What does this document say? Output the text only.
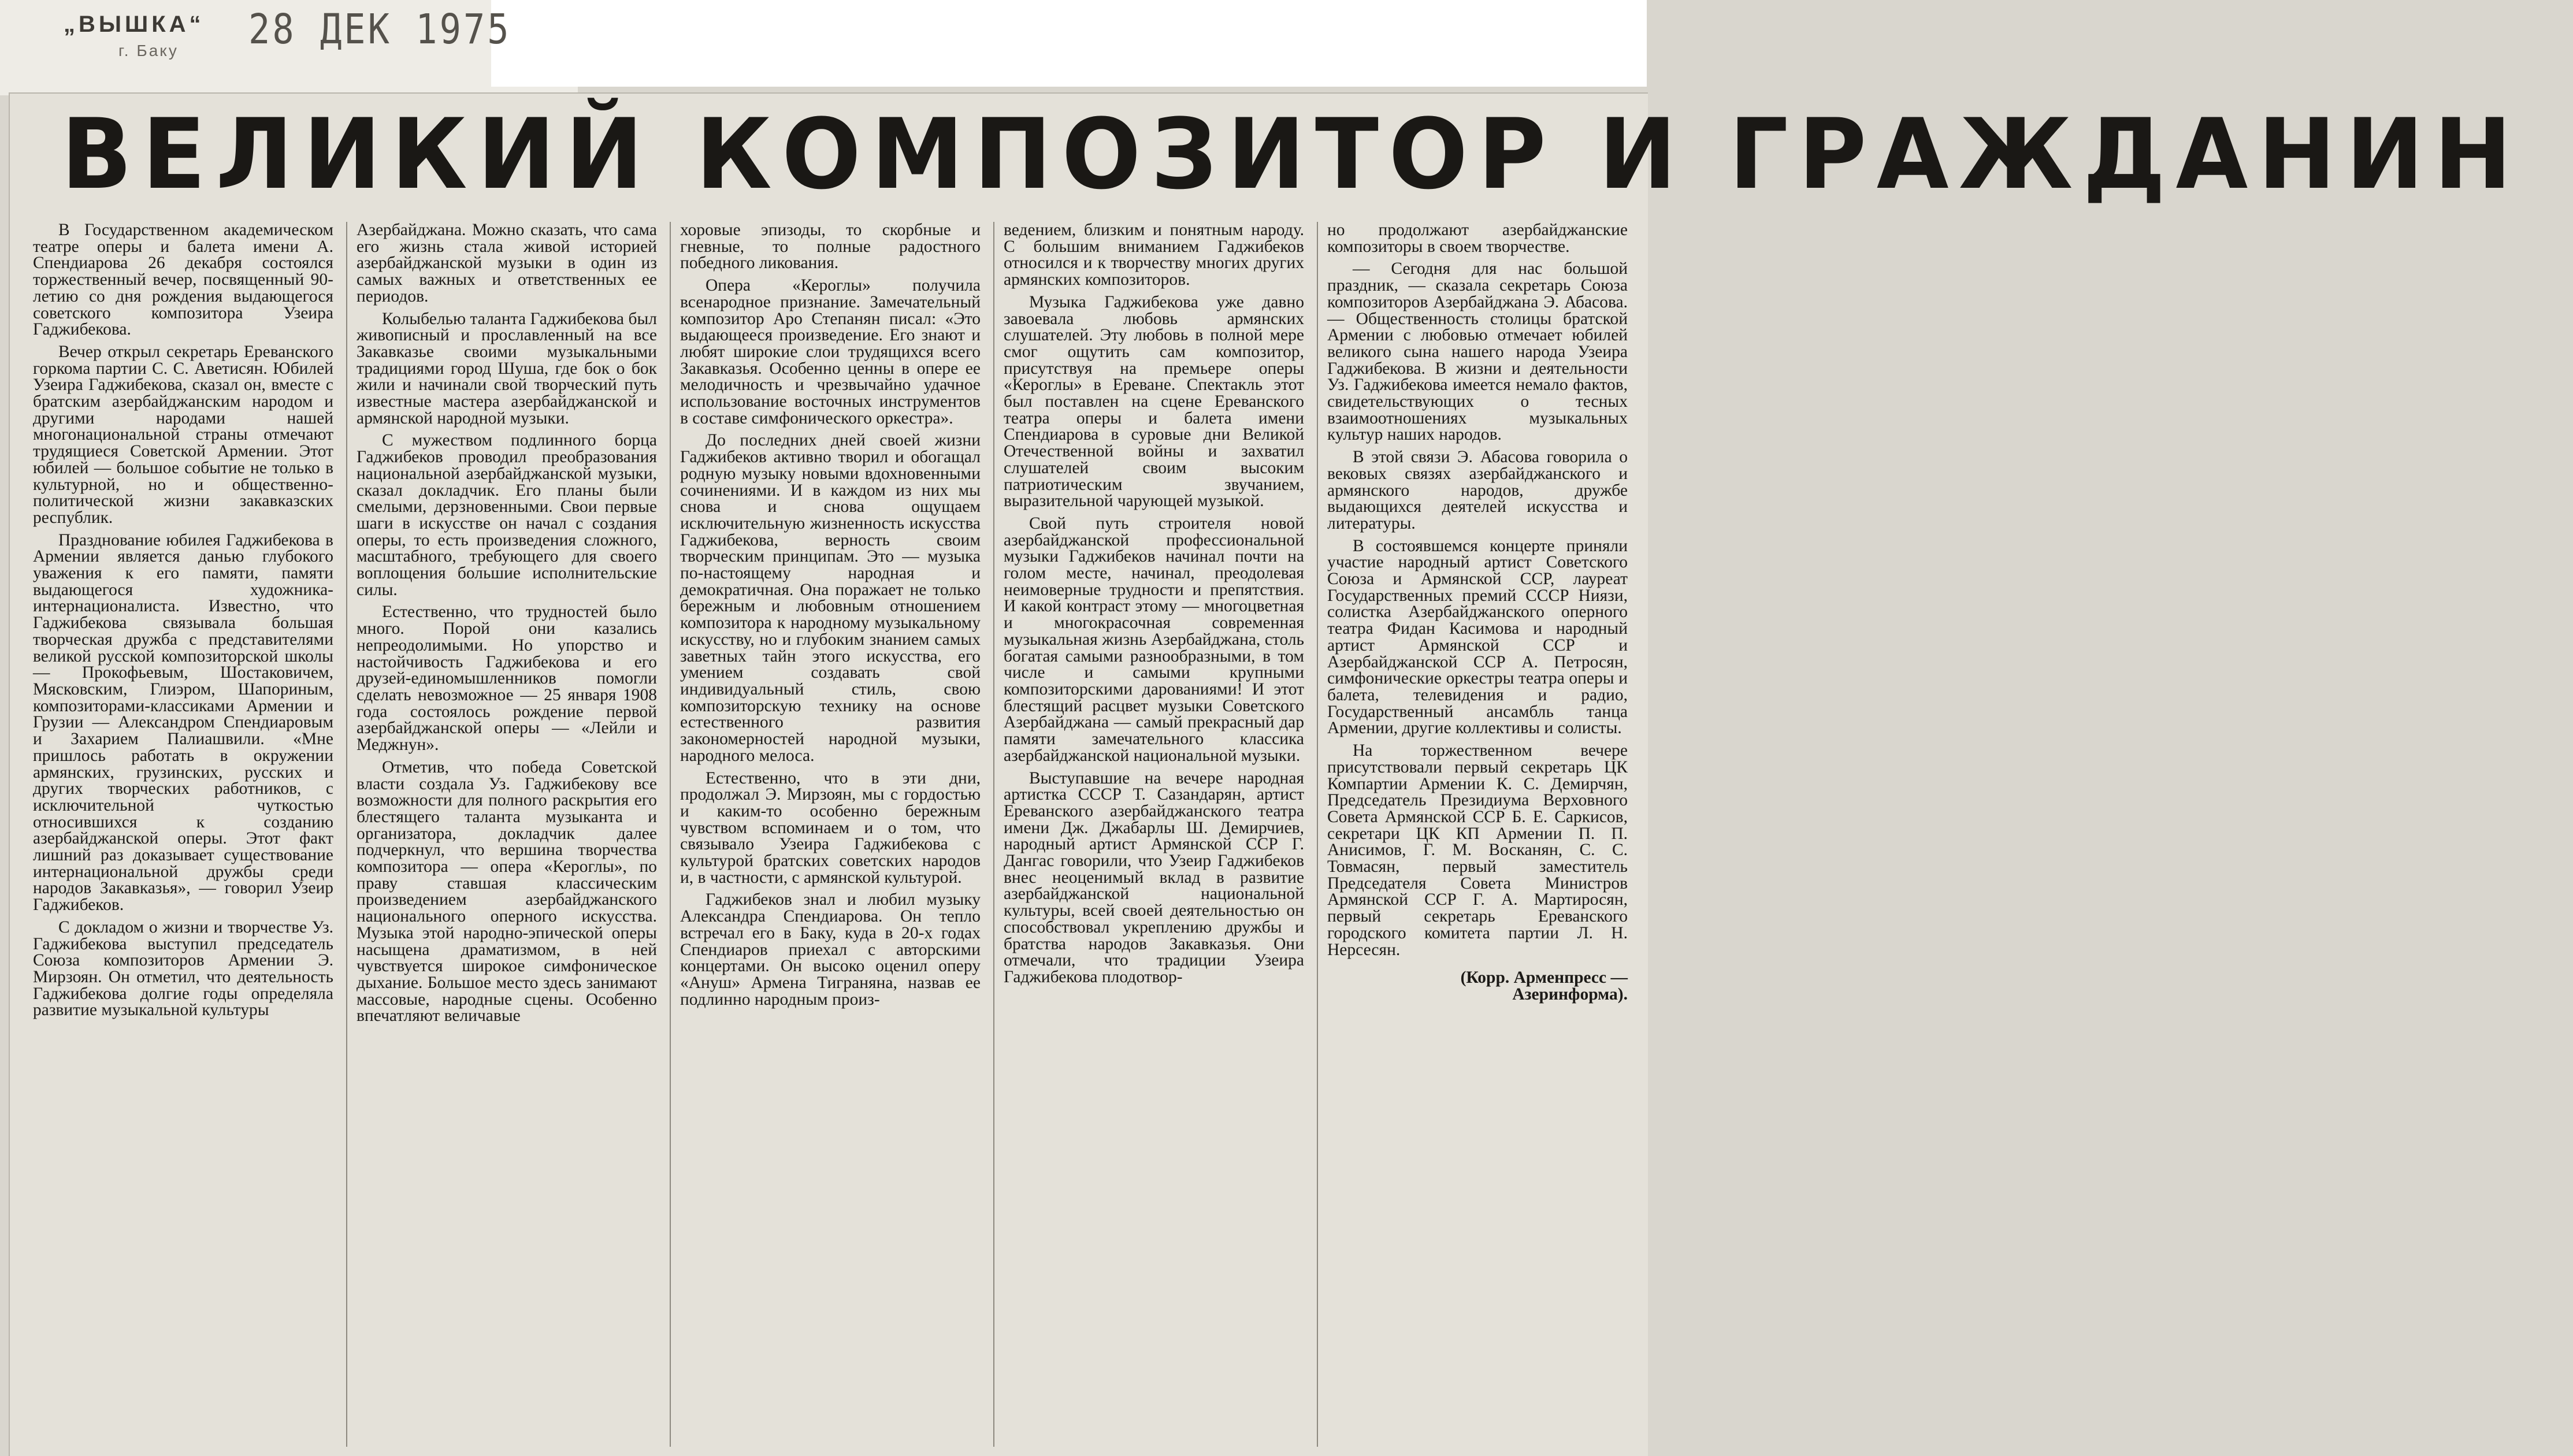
„ВЫШКА“
г. Баку 28 ДЕК 1975
ВЕЛИКИЙ КОМПОЗИТОР И ГРАЖДАНИН

В Государственном академическом театре оперы и балета имени А. Спендиарова 26 декабря состоялся торжественный вечер, посвященный 90-летию со дня рождения выдающегося советского композитора Узеира Гаджибекова.

Вечер открыл секретарь Ереванского горкома партии С. С. Аветисян. Юбилей Узеира Гаджибекова, сказал он, вместе с братским азербайджанским народом и другими народами нашей многонациональной страны отмечают трудящиеся Советской Армении. Этот юбилей — большое событие не только в культурной, но и общественно-политической жизни закавказских республик.

Празднование юбилея Гаджибекова в Армении является данью глубокого уважения к его памяти, памяти выдающегося художника-интернационалиста. Известно, что Гаджибекова связывала большая творческая дружба с представителями великой русской композиторской школы — Прокофьевым, Шостаковичем, Мясковским, Глиэром, Шапориным, композиторами-классиками Армении и Грузии — Александром Спендиаровым и Захарием Палиашвили. «Мне пришлось работать в окружении армянских, грузинских, русских и других творческих работников, с исключительной чуткостью относившихся к созданию азербайджанской оперы. Этот факт лишний раз доказывает существование интернациональной дружбы среди народов Закавказья», — говорил Узеир Гаджибеков.

С докладом о жизни и творчестве Уз. Гаджибекова выступил председатель Союза композиторов Армении Э. Мирзоян. Он отметил, что деятельность Гаджибекова долгие годы определяла развитие музыкальной культуры

Азербайджана. Можно сказать, что сама его жизнь стала живой историей азербайджанской музыки в один из самых важных и ответственных ее периодов.

Колыбелью таланта Гаджибекова был живописный и прославленный на все Закавказье своими музыкальными традициями город Шуша, где бок о бок жили и начинали свой творческий путь известные мастера азербайджанской и армянской народной музыки.

С мужеством подлинного борца Гаджибеков проводил преобразования национальной азербайджанской музыки, сказал докладчик. Его планы были смелыми, дерзновенными. Свои первые шаги в искусстве он начал с создания оперы, то есть произведения сложного, масштабного, требующего для своего воплощения большие исполнительские силы.

Естественно, что трудностей было много. Порой они казались непреодолимыми. Но упорство и настойчивость Гаджибекова и его друзей-единомышленников помогли сделать невозможное — 25 января 1908 года состоялось рождение первой азербайджанской оперы — «Лейли и Меджнун».

Отметив, что победа Советской власти создала Уз. Гаджибекову все возможности для полного раскрытия его блестящего таланта музыканта и организатора, докладчик далее подчеркнул, что вершина творчества композитора — опера «Кероглы», по праву ставшая классическим произведением азербайджанского национального оперного искусства. Музыка этой народно-эпической оперы насыщена драматизмом, в ней чувствуется широкое симфоническое дыхание. Большое место здесь занимают массовые, народные сцены. Особенно впечатляют величавые

хоровые эпизоды, то скорбные и гневные, то полные радостного победного ликования.

Опера «Кероглы» получила всенародное признание. Замечательный композитор Аро Степанян писал: «Это выдающееся произведение. Его знают и любят широкие слои трудящихся всего Закавказья. Особенно ценны в опере ее мелодичность и чрезвычайно удачное использование восточных инструментов в составе симфонического оркестра».

До последних дней своей жизни Гаджибеков активно творил и обогащал родную музыку новыми вдохновенными сочинениями. И в каждом из них мы снова и снова ощущаем исключительную жизненность искусства Гаджибекова, верность своим творческим принципам. Это — музыка по-настоящему народная и демократичная. Она поражает не только бережным и любовным отношением композитора к народному музыкальному искусству, но и глубоким знанием самых заветных тайн этого искусства, его умением создавать свой индивидуальный стиль, свою композиторскую технику на основе естественного развития закономерностей народной музыки, народного мелоса.

Естественно, что в эти дни, продолжал Э. Мирзоян, мы с гордостью и каким-то особенно бережным чувством вспоминаем и о том, что связывало Узеира Гаджибекова с культурой братских советских народов и, в частности, с армянской культурой.

Гаджибеков знал и любил музыку Александра Спендиарова. Он тепло встречал его в Баку, куда в 20-х годах Спендиаров приехал с авторскими концертами. Он высоко оценил оперу «Ануш» Армена Тиграняна, назвав ее подлинно народным произ-

ведением, близким и понятным народу. С большим вниманием Гаджибеков относился и к творчеству многих других армянских композиторов.

Музыка Гаджибекова уже давно завоевала любовь армянских слушателей. Эту любовь в полной мере смог ощутить сам композитор, присутствуя на премьере оперы «Кероглы» в Ереване. Спектакль этот был поставлен на сцене Ереванского театра оперы и балета имени Спендиарова в суровые дни Великой Отечественной войны и захватил слушателей своим высоким патриотическим звучанием, выразительной чарующей музыкой.

Свой путь строителя новой азербайджанской профессиональной музыки Гаджибеков начинал почти на голом месте, начинал, преодолевая неимоверные трудности и препятствия. И какой контраст этому — многоцветная и многокрасочная современная музыкальная жизнь Азербайджана, столь богатая самыми разнообразными, в том числе и самыми крупными композиторскими дарованиями! И этот блестящий расцвет музыки Советского Азербайджана — самый прекрасный дар памяти замечательного классика азербайджанской национальной музыки.

Выступавшие на вечере народная артистка СССР Т. Сазандарян, артист Ереванского азербайджанского театра имени Дж. Джабарлы Ш. Демирчиев, народный артист Армянской ССР Г. Дангас говорили, что Узеир Гаджибеков внес неоценимый вклад в развитие азербайджанской национальной культуры, всей своей деятельностью он способствовал укреплению дружбы и братства народов Закавказья. Они отмечали, что традиции Узеира Гаджибекова плодотвор-

но продолжают азербайджанские композиторы в своем творчестве.

— Сегодня для нас большой праздник, — сказала секретарь Союза композиторов Азербайджана Э. Абасова. — Общественность столицы братской Армении с любовью отмечает юбилей великого сына нашего народа Узеира Гаджибекова. В жизни и деятельности Уз. Гаджибекова имеется немало фактов, свидетельствующих о тесных взаимоотношениях музыкальных культур наших народов.

В этой связи Э. Абасова говорила о вековых связях азербайджанского и армянского народов, дружбе выдающихся деятелей искусства и литературы.

В состоявшемся концерте приняли участие народный артист Советского Союза и Армянской ССР, лауреат Государственных премий СССР Ниязи, солистка Азербайджанского оперного театра Фидан Касимова и народный артист Армянской ССР и Азербайджанской ССР А. Петросян, симфонические оркестры театра оперы и балета, телевидения и радио, Государственный ансамбль танца Армении, другие коллективы и солисты.

На торжественном вечере присутствовали первый секретарь ЦК Компартии Армении К. С. Демирчян, Председатель Президиума Верховного Совета Армянской ССР Б. Е. Саркисов, секретари ЦК КП Армении П. П. Анисимов, Г. М. Восканян, С. С. Товмасян, первый заместитель Председателя Совета Министров Армянской ССР Г. А. Мартиросян, первый секретарь Ереванского городского комитета партии Л. Н. Нерсесян.

(Корр. Арменпресс — Азеринформа).
